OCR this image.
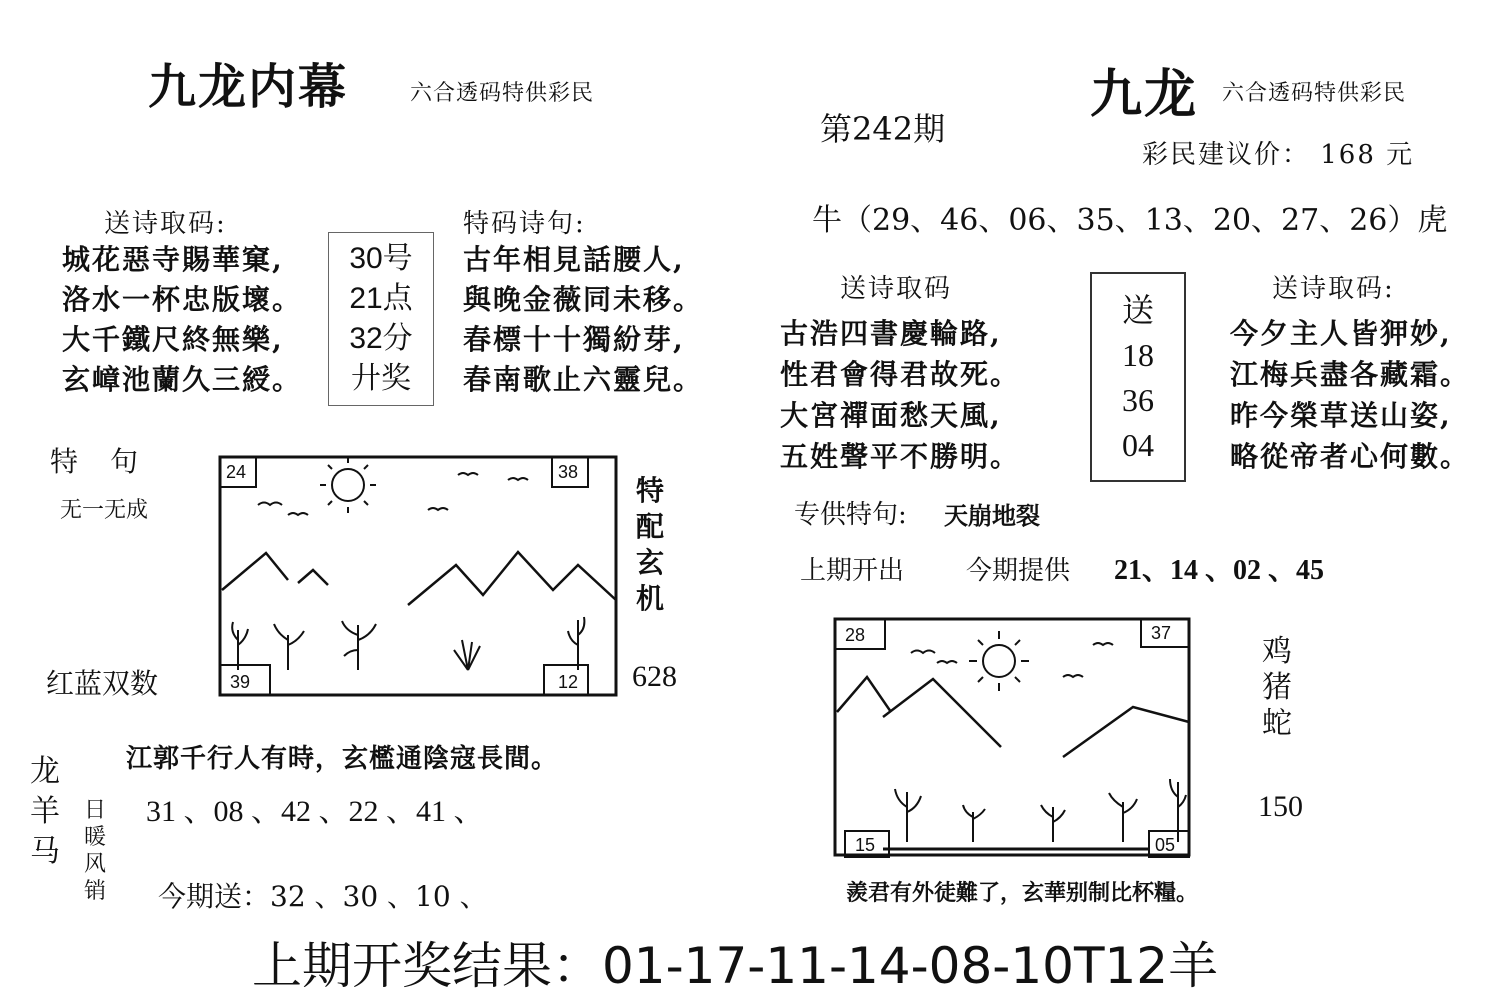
九龙内幕	六合透码特供彩民
送诗取码:
城花惡寺賜華窠,
洛水一杯忠版壞。
大千鐵尺終無樂,
玄嶂池蘭久三綬。
30号
21点
32分
廾奖
特码诗句:
古年相見話腰人,
與晚金薇同未移。
春標十十獨紛芽,
春南歌止六靈兒。
特　句
无一无成
24	38
39	12
特
配
玄
机
红蓝双数	628
江郭千行人有時，玄檻通陰寇長間。
龙
羊
马
日
暖
风
销
31 、08 、42 、22 、41 、
今期送：32 、30 、10 、
第242期
九龙 六合透码特供彩民
彩民建议价： 168 元
牛（29、46、06、35、13、20、27、26）虎
送诗取码
古浩四書慶輪路,
性君會得君故死。
大宮禪面愁天風,
五姓聲平不勝明。
送
18
36
04
送诗取码:
今夕主人皆狎妙,
江梅兵盡各藏霜。
昨今榮草送山姿,
略從帝者心何數。
专供特句: 天崩地裂
上期开出 今期提供 21、14 、02 、45
28	37
15	05
鸡
猪
蛇
150
羨君有外徒難了，玄華别制比杯糧。
上期开奖结果：01-17-11-14-08-10T12羊
